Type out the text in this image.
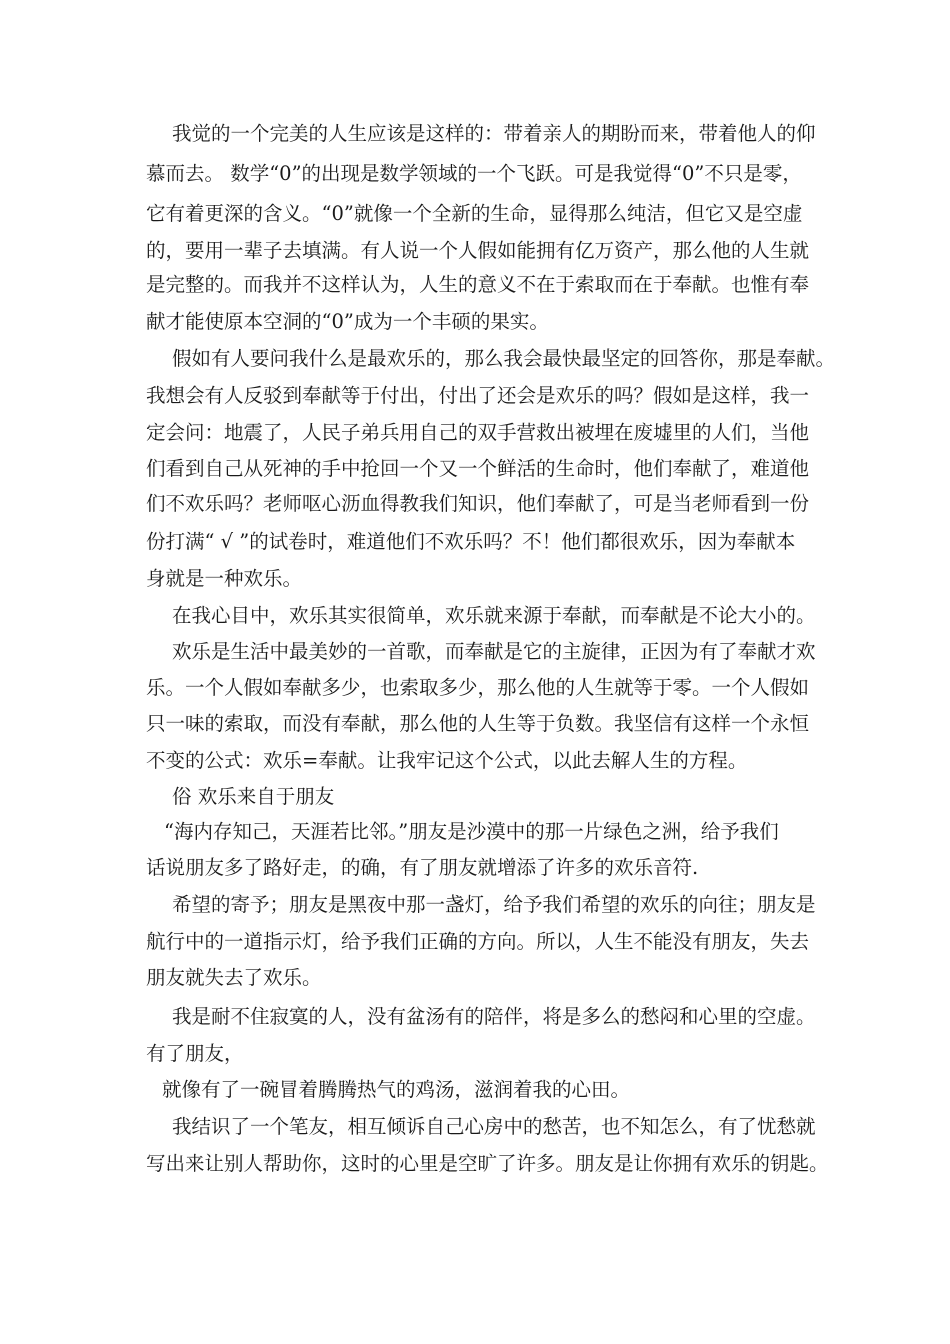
我觉的一个完美的人生应该是这样的：带着亲人的期盼而来，带着他人的仰

慕而去。 数学“0”的出现是数学领域的一个飞跃。可是我觉得“0”不只是零，

它有着更深的含义。“0”就像一个全新的生命，显得那么纯洁，但它又是空虚

的，要用一辈子去填满。有人说一个人假如能拥有亿万资产，那么他的人生就

是完整的。而我并不这样认为，人生的意义不在于索取而在于奉献。也惟有奉

献才能使原本空洞的“0”成为一个丰硕的果实。

假如有人要问我什么是最欢乐的，那么我会最快最坚定的回答你，那是奉献。

我想会有人反驳到奉献等于付出，付出了还会是欢乐的吗？假如是这样，我一

定会问：地震了，人民子弟兵用自己的双手营救出被埋在废墟里的人们，当他

们看到自己从死神的手中抢回一个又一个鲜活的生命时，他们奉献了，难道他

们不欢乐吗？老师呕心沥血得教我们知识，他们奉献了，可是当老师看到一份

份打满“ √ ”的试卷时，难道他们不欢乐吗？不！他们都很欢乐，因为奉献本

身就是一种欢乐。

在我心目中，欢乐其实很简单，欢乐就来源于奉献，而奉献是不论大小的。

欢乐是生活中最美妙的一首歌，而奉献是它的主旋律，正因为有了奉献才欢

乐。一个人假如奉献多少，也索取多少，那么他的人生就等于零。一个人假如

只一味的索取，而没有奉献，那么他的人生等于负数。我坚信有这样一个永恒

不变的公式：欢乐=奉献。让我牢记这个公式，以此去解人生的方程。

俗 欢乐来自于朋友

“海内存知己，天涯若比邻。”朋友是沙漠中的那一片绿色之洲，给予我们

话说朋友多了路好走，的确，有了朋友就增添了许多的欢乐音符.

希望的寄予；朋友是黑夜中那一盏灯，给予我们希望的欢乐的向往；朋友是

航行中的一道指示灯，给予我们正确的方向。所以，人生不能没有朋友，失去

朋友就失去了欢乐。

我是耐不住寂寞的人，没有盆汤有的陪伴，将是多么的愁闷和心里的空虚。

有了朋友，

就像有了一碗冒着腾腾热气的鸡汤，滋润着我的心田。

我结识了一个笔友，相互倾诉自己心房中的愁苦，也不知怎么，有了忧愁就

写出来让别人帮助你，这时的心里是空旷了许多。朋友是让你拥有欢乐的钥匙。
